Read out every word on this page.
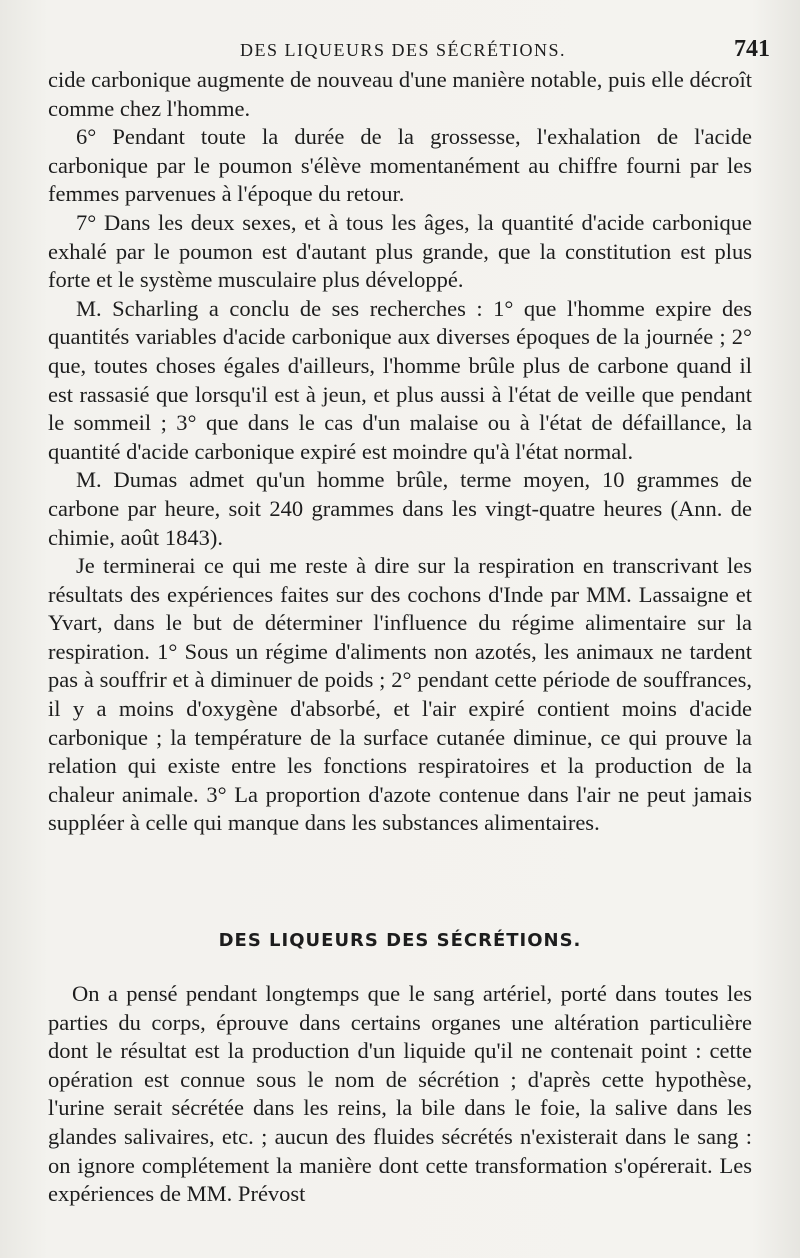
DES LIQUEURS DES SÉCRÉTIONS.	741

cide carbonique augmente de nouveau d'une manière notable, puis elle décroît comme chez l'homme.

6° Pendant toute la durée de la grossesse, l'exhalation de l'acide carbonique par le poumon s'élève momentanément au chiffre fourni par les femmes parvenues à l'époque du retour.

7° Dans les deux sexes, et à tous les âges, la quantité d'acide carbonique exhalé par le poumon est d'autant plus grande, que la constitution est plus forte et le système musculaire plus développé.

M. Scharling a conclu de ses recherches : 1° que l'homme expire des quantités variables d'acide carbonique aux diverses époques de la journée ; 2° que, toutes choses égales d'ailleurs, l'homme brûle plus de carbone quand il est rassasié que lorsqu'il est à jeun, et plus aussi à l'état de veille que pendant le sommeil ; 3° que dans le cas d'un malaise ou à l'état de défaillance, la quantité d'acide carbonique expiré est moindre qu'à l'état normal.

M. Dumas admet qu'un homme brûle, terme moyen, 10 grammes de carbone par heure, soit 240 grammes dans les vingt-quatre heures (Ann. de chimie, août 1843).

Je terminerai ce qui me reste à dire sur la respiration en transcrivant les résultats des expériences faites sur des cochons d'Inde par MM. Lassaigne et Yvart, dans le but de déterminer l'influence du régime alimentaire sur la respiration. 1° Sous un régime d'aliments non azotés, les animaux ne tardent pas à souffrir et à diminuer de poids ; 2° pendant cette période de souffrances, il y a moins d'oxygène d'absorbé, et l'air expiré contient moins d'acide carbonique ; la température de la surface cutanée diminue, ce qui prouve la relation qui existe entre les fonctions respiratoires et la production de la chaleur animale. 3° La proportion d'azote contenue dans l'air ne peut jamais suppléer à celle qui manque dans les substances alimentaires.

DES LIQUEURS DES SÉCRÉTIONS.

On a pensé pendant longtemps que le sang artériel, porté dans toutes les parties du corps, éprouve dans certains organes une altération particulière dont le résultat est la production d'un liquide qu'il ne contenait point : cette opération est connue sous le nom de sécrétion ; d'après cette hypothèse, l'urine serait sécrétée dans les reins, la bile dans le foie, la salive dans les glandes salivaires, etc. ; aucun des fluides sécrétés n'existerait dans le sang : on ignore complétement la manière dont cette transformation s'opérerait. Les expériences de MM. Prévost
